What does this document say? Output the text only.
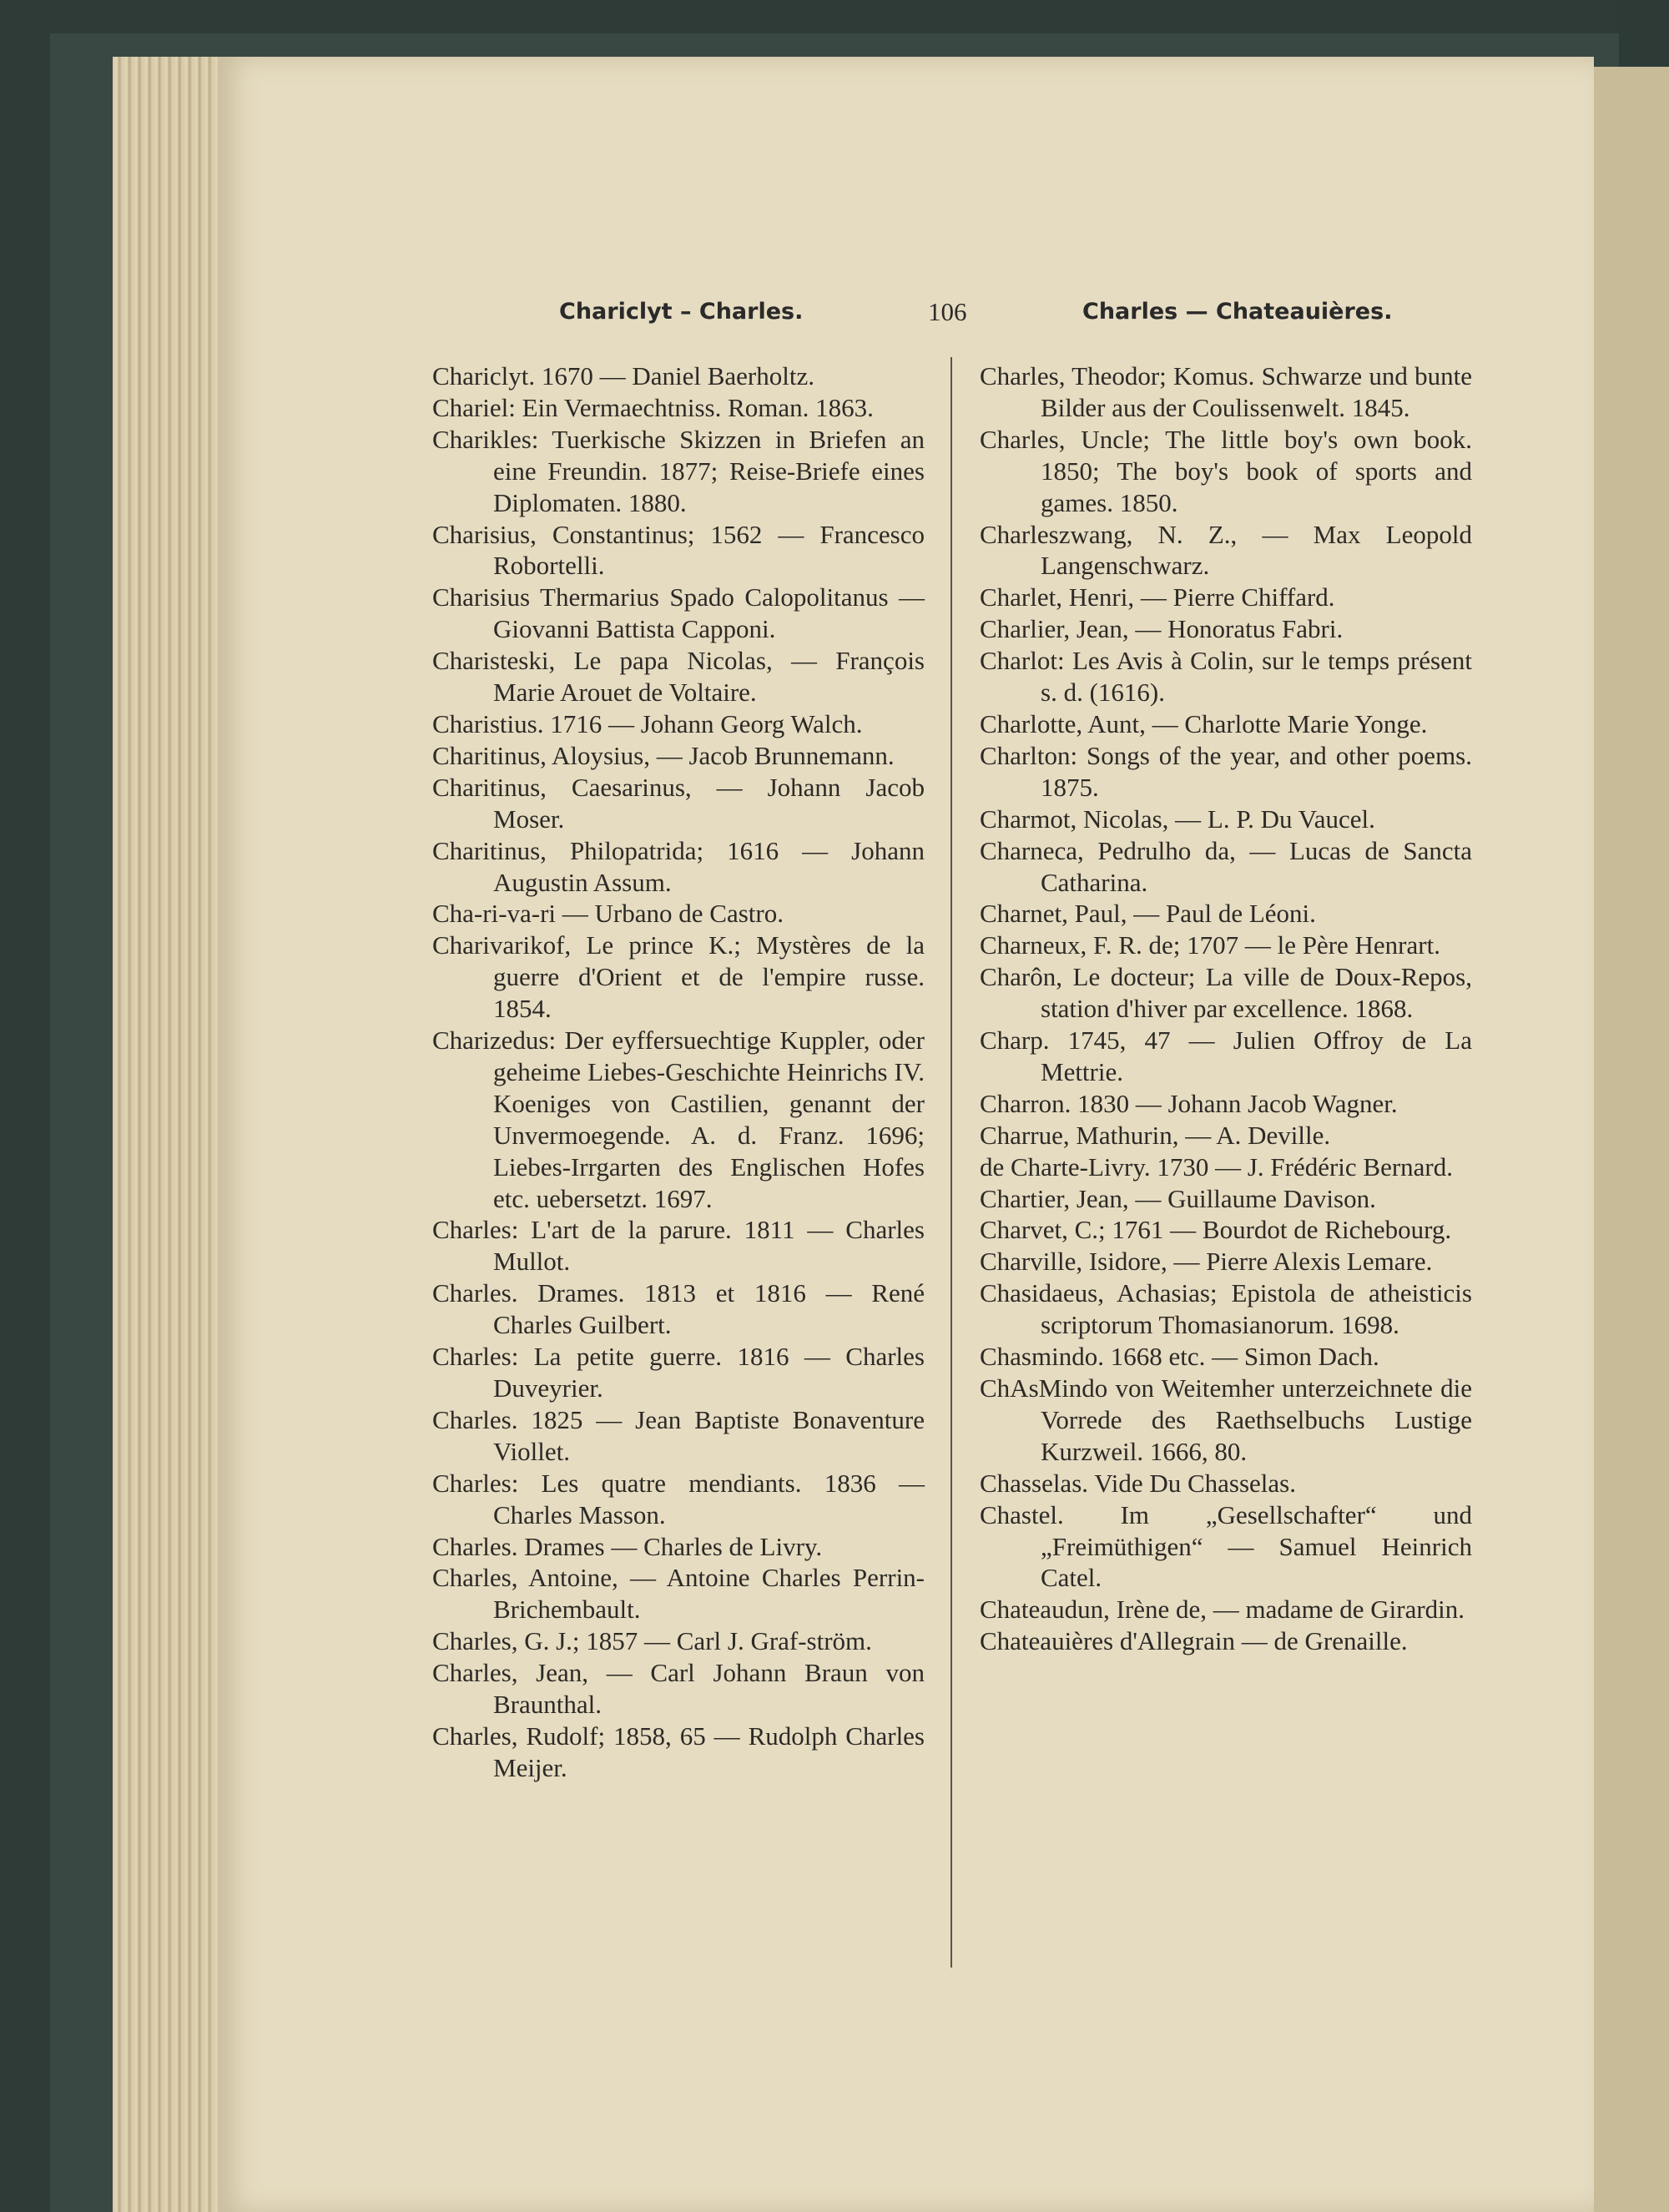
Chariclyt – Charles.	106	Charles — Chateauières.
Chariclyt. 1670 — Daniel Baerholtz.
Chariel: Ein Vermaechtniss. Roman. 1863.
Charikles: Tuerkische Skizzen in Briefen an eine Freundin. 1877; Reise-Briefe eines Diplomaten. 1880.
Charisius, Constantinus; 1562 — Francesco Robortelli.
Charisius Thermarius Spado Calopolitanus — Giovanni Battista Capponi.
Charisteski, Le papa Nicolas, — François Marie Arouet de Voltaire.
Charistius. 1716 — Johann Georg Walch.
Charitinus, Aloysius, — Jacob Brunnemann.
Charitinus, Caesarinus, — Johann Jacob Moser.
Charitinus, Philopatrida; 1616 — Johann Augustin Assum.
Cha-ri-va-ri — Urbano de Castro.
Charivarikof, Le prince K.; Mystères de la guerre d'Orient et de l'empire russe. 1854.
Charizedus: Der eyffersuechtige Kuppler, oder geheime Liebes-Geschichte Heinrichs IV. Koeniges von Castilien, genannt der Unvermoegende. A. d. Franz. 1696; Liebes-Irrgarten des Englischen Hofes etc. uebersetzt. 1697.
Charles: L'art de la parure. 1811 — Charles Mullot.
Charles. Drames. 1813 et 1816 — René Charles Guilbert.
Charles: La petite guerre. 1816 — Charles Duveyrier.
Charles. 1825 — Jean Baptiste Bonaventure Viollet.
Charles: Les quatre mendiants. 1836 — Charles Masson.
Charles. Drames — Charles de Livry.
Charles, Antoine, — Antoine Charles Perrin-Brichembault.
Charles, G. J.; 1857 — Carl J. Graf-ström.
Charles, Jean, — Carl Johann Braun von Braunthal.
Charles, Rudolf; 1858, 65 — Rudolph Charles Meijer.
Charles, Theodor; Komus. Schwarze und bunte Bilder aus der Coulissenwelt. 1845.
Charles, Uncle; The little boy's own book. 1850; The boy's book of sports and games. 1850.
Charleszwang, N. Z., — Max Leopold Langenschwarz.
Charlet, Henri, — Pierre Chiffard.
Charlier, Jean, — Honoratus Fabri.
Charlot: Les Avis à Colin, sur le temps présent s. d. (1616).
Charlotte, Aunt, — Charlotte Marie Yonge.
Charlton: Songs of the year, and other poems. 1875.
Charmot, Nicolas, — L. P. Du Vaucel.
Charneca, Pedrulho da, — Lucas de Sancta Catharina.
Charnet, Paul, — Paul de Léoni.
Charneux, F. R. de; 1707 — le Père Henrart.
Charôn, Le docteur; La ville de Doux-Repos, station d'hiver par excellence. 1868.
Charp. 1745, 47 — Julien Offroy de La Mettrie.
Charron. 1830 — Johann Jacob Wagner.
Charrue, Mathurin, — A. Deville.
de Charte-Livry. 1730 — J. Frédéric Bernard.
Chartier, Jean, — Guillaume Davison.
Charvet, C.; 1761 — Bourdot de Richebourg.
Charville, Isidore, — Pierre Alexis Lemare.
Chasidaeus, Achasias; Epistola de atheisticis scriptorum Thomasianorum. 1698.
Chasmindo. 1668 etc. — Simon Dach.
ChAsMindo von Weitemher unterzeichnete die Vorrede des Raethselbuchs Lustige Kurzweil. 1666, 80.
Chasselas. Vide Du Chasselas.
Chastel. Im „Gesellschafter“ und „Freimüthigen“ — Samuel Heinrich Catel.
Chateaudun, Irène de, — madame de Girardin.
Chateauières d'Allegrain — de Grenaille.
